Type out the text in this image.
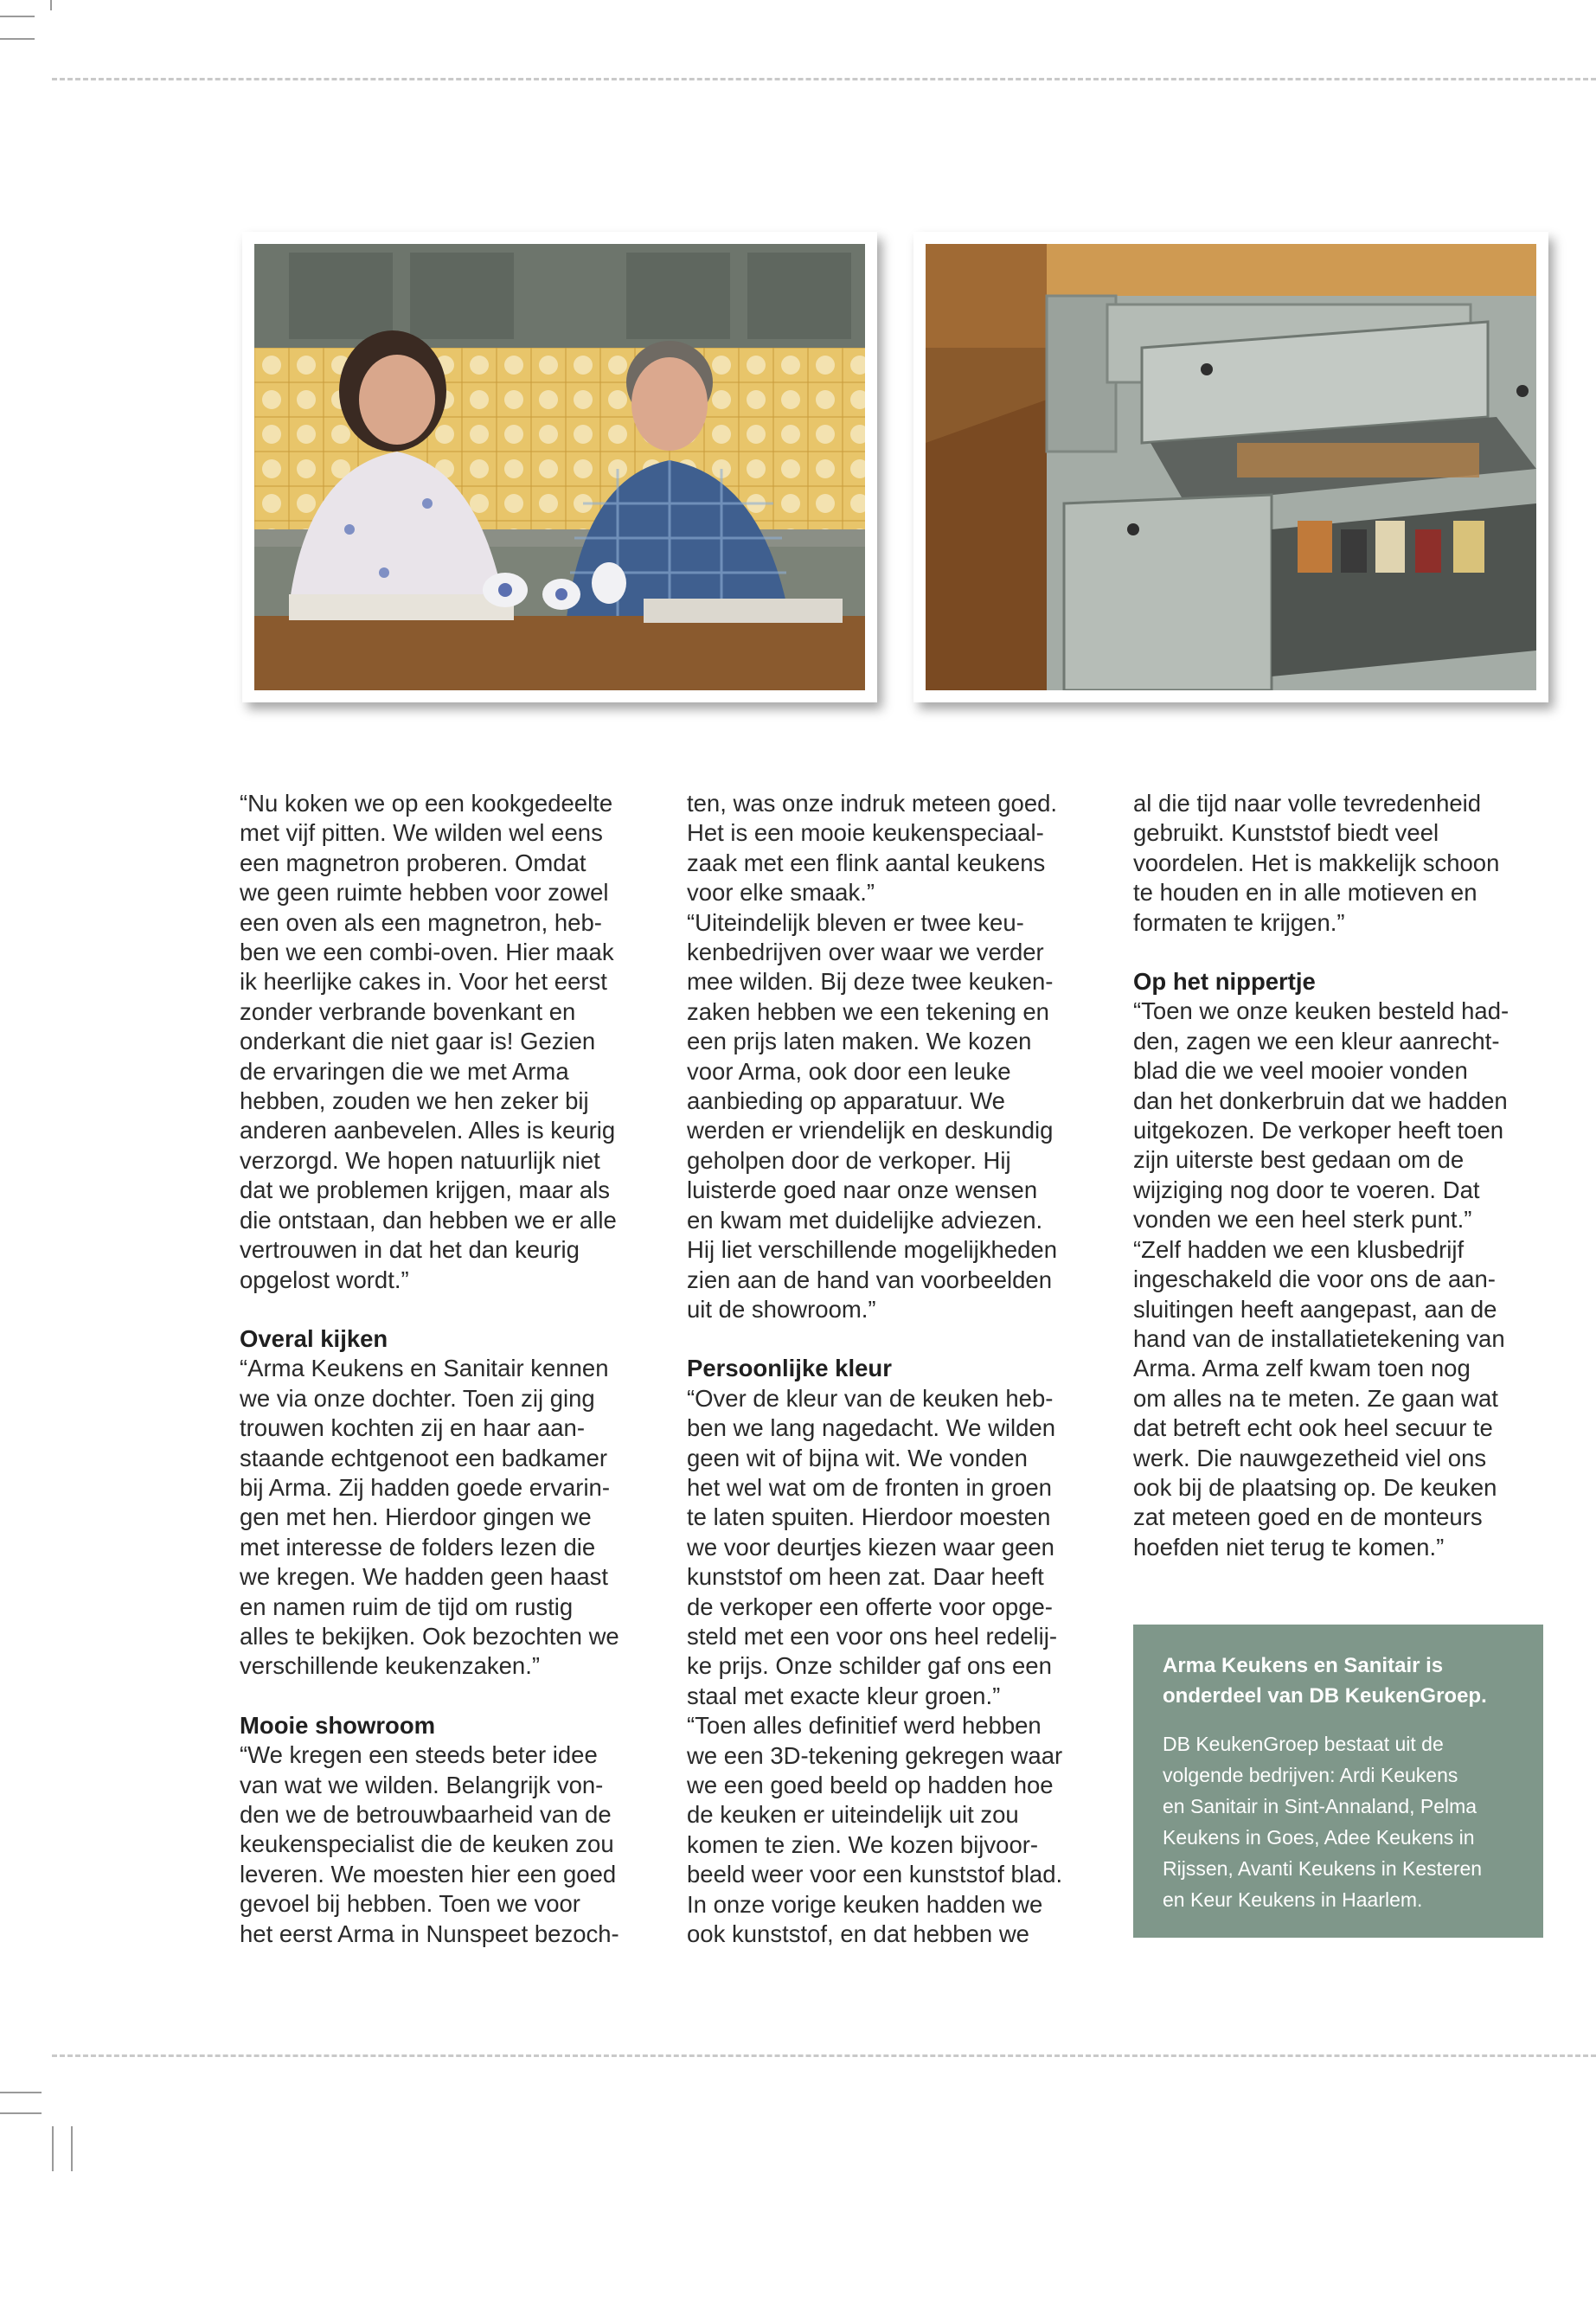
“Nu koken we op een kookgedeelte
met vijf pitten. We wilden wel eens
een magnetron proberen. Omdat
we geen ruimte hebben voor zowel
een oven als een magnetron, heb-
ben we een combi-oven. Hier maak
ik heerlijke cakes in. Voor het eerst
zonder verbrande bovenkant en
onderkant die niet gaar is! Gezien
de ervaringen die we met Arma
hebben, zouden we hen zeker bij
anderen aanbevelen. Alles is keurig
verzorgd. We hopen natuurlijk niet
dat we problemen krijgen, maar als
die ontstaan, dan hebben we er alle
vertrouwen in dat het dan keurig
opgelost wordt.”

Overal kijken

“Arma Keukens en Sanitair kennen
we via onze dochter. Toen zij ging
trouwen kochten zij en haar aan-
staande echtgenoot een badkamer
bij Arma. Zij hadden goede ervarin-
gen met hen. Hierdoor gingen we
met interesse de folders lezen die
we kregen. We hadden geen haast
en namen ruim de tijd om rustig
alles te bekijken. Ook bezochten we
verschillende keukenzaken.”

Mooie showroom

“We kregen een steeds beter idee
van wat we wilden. Belangrijk von-
den we de betrouwbaarheid van de
keukenspecialist die de keuken zou
leveren. We moesten hier een goed
gevoel bij hebben. Toen we voor
het eerst Arma in Nunspeet bezoch-

ten, was onze indruk meteen goed.
Het is een mooie keukenspeciaal-
zaak met een flink aantal keukens
voor elke smaak.”
“Uiteindelijk bleven er twee keu-
kenbedrijven over waar we verder
mee wilden. Bij deze twee keuken-
zaken hebben we een tekening en
een prijs laten maken. We kozen
voor Arma, ook door een leuke
aanbieding op apparatuur. We
werden er vriendelijk en deskundig
geholpen door de verkoper. Hij
luisterde goed naar onze wensen
en kwam met duidelijke adviezen.
Hij liet verschillende mogelijkheden
zien aan de hand van voorbeelden
uit de showroom.”

Persoonlijke kleur

“Over de kleur van de keuken heb-
ben we lang nagedacht. We wilden
geen wit of bijna wit. We vonden
het wel wat om de fronten in groen
te laten spuiten. Hierdoor moesten
we voor deurtjes kiezen waar geen
kunststof om heen zat. Daar heeft
de verkoper een offerte voor opge-
steld met een voor ons heel redelij-
ke prijs. Onze schilder gaf ons een
staal met exacte kleur groen.”
“Toen alles definitief werd hebben
we een 3D-tekening gekregen waar
we een goed beeld op hadden hoe
de keuken er uiteindelijk uit zou
komen te zien. We kozen bijvoor-
beeld weer voor een kunststof blad.
In onze vorige keuken hadden we
ook kunststof, en dat hebben we

al die tijd naar volle tevredenheid
gebruikt. Kunststof biedt veel
voordelen. Het is makkelijk schoon
te houden en in alle motieven en
formaten te krijgen.”

Op het nippertje

“Toen we onze keuken besteld had-
den, zagen we een kleur aanrecht-
blad die we veel mooier vonden
dan het donkerbruin dat we hadden
uitgekozen. De verkoper heeft toen
zijn uiterste best gedaan om de
wijziging nog door te voeren. Dat
vonden we een heel sterk punt.”
“Zelf hadden we een klusbedrijf
ingeschakeld die voor ons de aan-
sluitingen heeft aangepast, aan de
hand van de installatietekening van
Arma. Arma zelf kwam toen nog
om alles na te meten. Ze gaan wat
dat betreft echt ook heel secuur te
werk. Die nauwgezetheid viel ons
ook bij de plaatsing op. De keuken
zat meteen goed en de monteurs
hoefden niet terug te komen.”

Arma Keukens en Sanitair is
onderdeel van DB KeukenGroep.

DB KeukenGroep bestaat uit de
volgende bedrijven: Ardi Keukens
en Sanitair in Sint-Annaland, Pelma
Keukens in Goes, Adee Keukens in
Rijssen, Avanti Keukens in Kesteren
en Keur Keukens in Haarlem.
